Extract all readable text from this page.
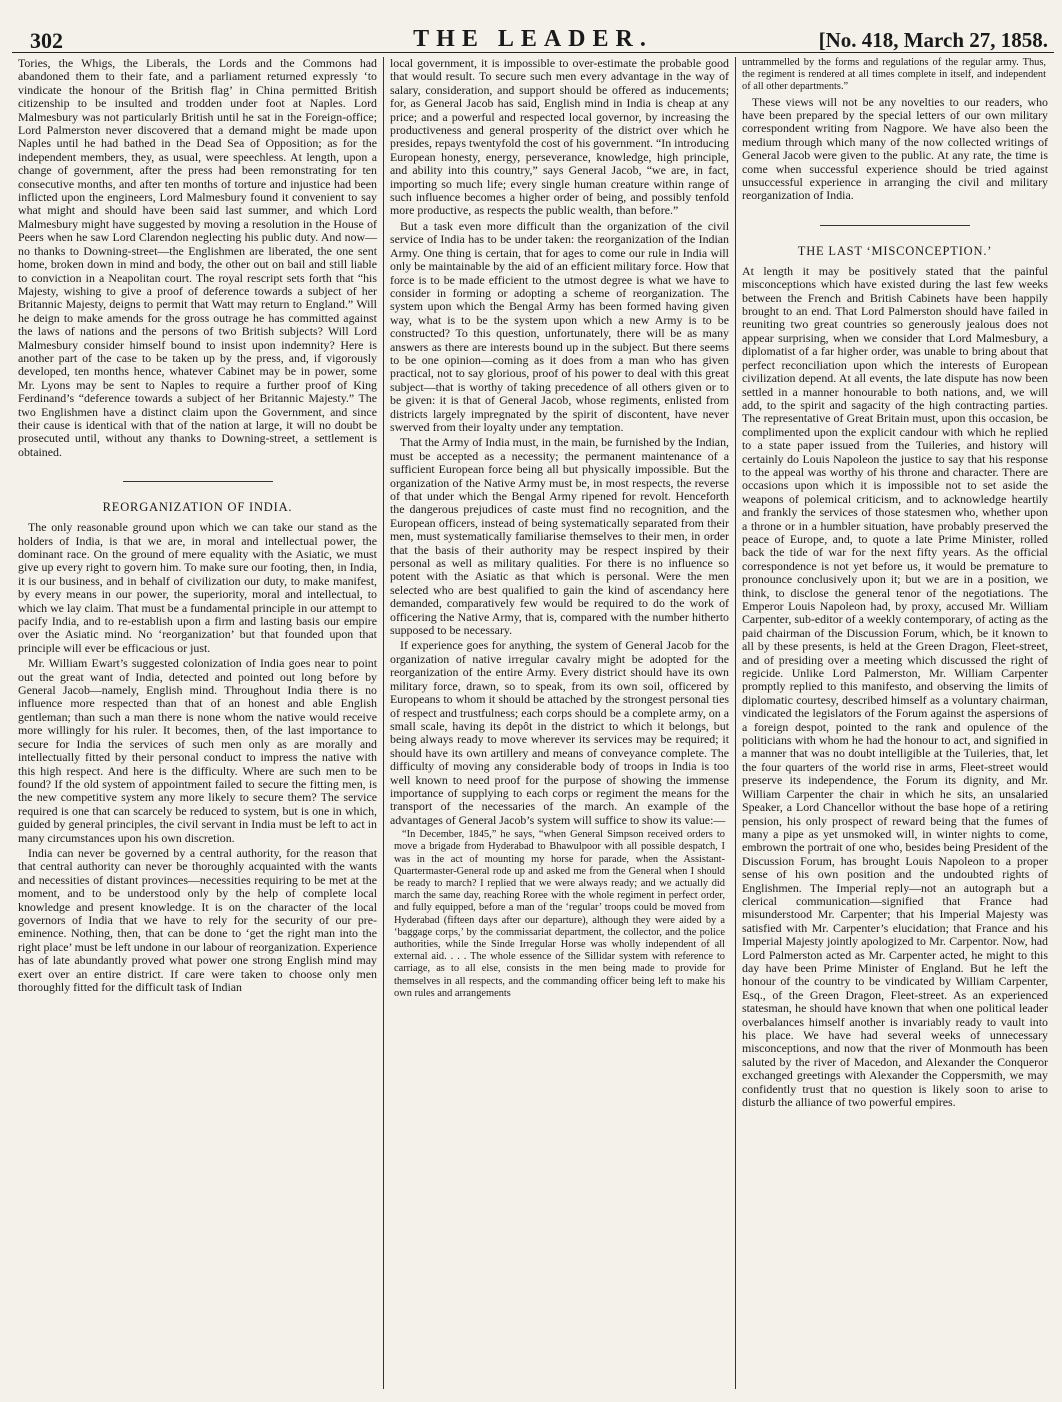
302	THE LEADER.	[No. 418, March 27, 1858.

Tories, the Whigs, the Liberals, the Lords and the Commons had abandoned them to their fate, and a parliament returned expressly ‘to vindicate the honour of the British flag’ in China permitted British citizenship to be insulted and trodden under foot at Naples. Lord Malmesbury was not particularly British until he sat in the Foreign-office; Lord Palmerston never discovered that a demand might be made upon Naples until he had bathed in the Dead Sea of Opposition; as for the independent members, they, as usual, were speechless. At length, upon a change of government, after the press had been remonstrating for ten consecutive months, and after ten months of torture and injustice had been inflicted upon the engineers, Lord Malmesbury found it convenient to say what might and should have been said last summer, and which Lord Malmesbury might have suggested by moving a resolution in the House of Peers when he saw Lord Clarendon neglecting his public duty. And now—no thanks to Downing-street—the Englishmen are liberated, the one sent home, broken down in mind and body, the other out on bail and still liable to conviction in a Neapolitan court. The royal rescript sets forth that “his Majesty, wishing to give a proof of deference towards a subject of her Britannic Majesty, deigns to permit that Watt may return to England.” Will he deign to make amends for the gross outrage he has committed against the laws of nations and the persons of two British subjects? Will Lord Malmesbury consider himself bound to insist upon indemnity? Here is another part of the case to be taken up by the press, and, if vigorously developed, ten months hence, whatever Cabinet may be in power, some Mr. Lyons may be sent to Naples to require a further proof of King Ferdinand’s “deference towards a subject of her Britannic Majesty.” The two Englishmen have a distinct claim upon the Government, and since their cause is identical with that of the nation at large, it will no doubt be prosecuted until, without any thanks to Downing-street, a settlement is obtained.

REORGANIZATION OF INDIA.

The only reasonable ground upon which we can take our stand as the holders of India, is that we are, in moral and intellectual power, the dominant race. On the ground of mere equality with the Asiatic, we must give up every right to govern him. To make sure our footing, then, in India, it is our business, and in behalf of civilization our duty, to make manifest, by every means in our power, the superiority, moral and intellectual, to which we lay claim. That must be a fundamental principle in our attempt to pacify India, and to re-establish upon a firm and lasting basis our empire over the Asiatic mind. No ‘reorganization’ but that founded upon that principle will ever be efficacious or just.

Mr. William Ewart’s suggested colonization of India goes near to point out the great want of India, detected and pointed out long before by General Jacob—namely, English mind. Throughout India there is no influence more respected than that of an honest and able English gentleman; than such a man there is none whom the native would receive more willingly for his ruler. It becomes, then, of the last importance to secure for India the services of such men only as are morally and intellectually fitted by their personal conduct to impress the native with this high respect. And here is the difficulty. Where are such men to be found? If the old system of appointment failed to secure the fitting men, is the new competitive system any more likely to secure them? The service required is one that can scarcely be reduced to system, but is one in which, guided by general principles, the civil servant in India must be left to act in many circumstances upon his own discretion.

India can never be governed by a central authority, for the reason that that central authority can never be thoroughly acquainted with the wants and necessities of distant provinces—necessities requiring to be met at the moment, and to be understood only by the help of complete local knowledge and present knowledge. It is on the character of the local governors of India that we have to rely for the security of our pre-eminence. Nothing, then, that can be done to ‘get the right man into the right place’ must be left undone in our labour of reorganization. Experience has of late abundantly proved what power one strong English mind may exert over an entire district. If care were taken to choose only men thoroughly fitted for the difficult task of Indian

local government, it is impossible to over-estimate the probable good that would result. To secure such men every advantage in the way of salary, consideration, and support should be offered as inducements; for, as General Jacob has said, English mind in India is cheap at any price; and a powerful and respected local governor, by increasing the productiveness and general prosperity of the district over which he presides, repays twentyfold the cost of his government. “In introducing European honesty, energy, perseverance, knowledge, high principle, and ability into this country,” says General Jacob, “we are, in fact, importing so much life; every single human creature within range of such influence becomes a higher order of being, and possibly tenfold more productive, as respects the public wealth, than before.”

But a task even more difficult than the organization of the civil service of India has to be under taken: the reorganization of the Indian Army. One thing is certain, that for ages to come our rule in India will only be maintainable by the aid of an efficient military force. How that force is to be made efficient to the utmost degree is what we have to consider in forming or adopting a scheme of reorganization. The system upon which the Bengal Army has been formed having given way, what is to be the system upon which a new Army is to be constructed? To this question, unfortunately, there will be as many answers as there are interests bound up in the subject. But there seems to be one opinion—coming as it does from a man who has given practical, not to say glorious, proof of his power to deal with this great subject—that is worthy of taking precedence of all others given or to be given: it is that of General Jacob, whose regiments, enlisted from districts largely impregnated by the spirit of discontent, have never swerved from their loyalty under any temptation.

That the Army of India must, in the main, be furnished by the Indian, must be accepted as a necessity; the permanent maintenance of a sufficient European force being all but physically impossible. But the organization of the Native Army must be, in most respects, the reverse of that under which the Bengal Army ripened for revolt. Henceforth the dangerous prejudices of caste must find no recognition, and the European officers, instead of being systematically separated from their men, must systematically familiarise themselves to their men, in order that the basis of their authority may be respect inspired by their personal as well as military qualities. For there is no influence so potent with the Asiatic as that which is personal. Were the men selected who are best qualified to gain the kind of ascendancy here demanded, comparatively few would be required to do the work of officering the Native Army, that is, compared with the number hitherto supposed to be necessary.

If experience goes for anything, the system of General Jacob for the organization of native irregular cavalry might be adopted for the reorganization of the entire Army. Every district should have its own military force, drawn, so to speak, from its own soil, officered by Europeans to whom it should be attached by the strongest personal ties of respect and trustfulness; each corps should be a complete army, on a small scale, having its depôt in the district to which it belongs, but being always ready to move wherever its services may be required; it should have its own artillery and means of conveyance complete. The difficulty of moving any considerable body of troops in India is too well known to need proof for the purpose of showing the immense importance of supplying to each corps or regiment the means for the transport of the necessaries of the march. An example of the advantages of General Jacob’s system will suffice to show its value:—

“In December, 1845,” he says, “when General Simpson received orders to move a brigade from Hyderabad to Bhawulpoor with all possible despatch, I was in the act of mounting my horse for parade, when the Assistant-Quartermaster-General rode up and asked me from the General when I should be ready to march? I replied that we were always ready; and we actually did march the same day, reaching Roree with the whole regiment in perfect order, and fully equipped, before a man of the ‘regular’ troops could be moved from Hyderabad (fifteen days after our departure), although they were aided by a ‘baggage corps,’ by the commissariat department, the collector, and the police authorities, while the Sinde Irregular Horse was wholly independent of all external aid. . . . The whole essence of the Sillidar system with reference to carriage, as to all else, consists in the men being made to provide for themselves in all respects, and the commanding officer being left to make his own rules and arrangements

untrammelled by the forms and regulations of the regular army. Thus, the regiment is rendered at all times complete in itself, and independent of all other departments.”

These views will not be any novelties to our readers, who have been prepared by the special letters of our own military correspondent writing from Nagpore. We have also been the medium through which many of the now collected writings of General Jacob were given to the public. At any rate, the time is come when successful experience should be tried against unsuccessful experience in arranging the civil and military reorganization of India.

THE LAST ‘MISCONCEPTION.’

At length it may be positively stated that the painful misconceptions which have existed during the last few weeks between the French and British Cabinets have been happily brought to an end. That Lord Palmerston should have failed in reuniting two great countries so generously jealous does not appear surprising, when we consider that Lord Malmesbury, a diplomatist of a far higher order, was unable to bring about that perfect reconciliation upon which the interests of European civilization depend. At all events, the late dispute has now been settled in a manner honourable to both nations, and, we will add, to the spirit and sagacity of the high contracting parties. The representative of Great Britain must, upon this occasion, be complimented upon the explicit candour with which he replied to a state paper issued from the Tuileries, and history will certainly do Louis Napoleon the justice to say that his response to the appeal was worthy of his throne and character. There are occasions upon which it is impossible not to set aside the weapons of polemical criticism, and to acknowledge heartily and frankly the services of those statesmen who, whether upon a throne or in a humbler situation, have probably preserved the peace of Europe, and, to quote a late Prime Minister, rolled back the tide of war for the next fifty years. As the official correspondence is not yet before us, it would be premature to pronounce conclusively upon it; but we are in a position, we think, to disclose the general tenor of the negotiations. The Emperor Louis Napoleon had, by proxy, accused Mr. William Carpenter, sub-editor of a weekly contemporary, of acting as the paid chairman of the Discussion Forum, which, be it known to all by these presents, is held at the Green Dragon, Fleet-street, and of presiding over a meeting which discussed the right of regicide. Unlike Lord Palmerston, Mr. William Carpenter promptly replied to this manifesto, and observing the limits of diplomatic courtesy, described himself as a voluntary chairman, vindicated the legislators of the Forum against the aspersions of a foreign despot, pointed to the rank and opulence of the politicians with whom he had the honour to act, and signified in a manner that was no doubt intelligible at the Tuileries, that, let the four quarters of the world rise in arms, Fleet-street would preserve its independence, the Forum its dignity, and Mr. William Carpenter the chair in which he sits, an unsalaried Speaker, a Lord Chancellor without the base hope of a retiring pension, his only prospect of reward being that the fumes of many a pipe as yet unsmoked will, in winter nights to come, embrown the portrait of one who, besides being President of the Discussion Forum, has brought Louis Napoleon to a proper sense of his own position and the undoubted rights of Englishmen. The Imperial reply—not an autograph but a clerical communication—signified that France had misunderstood Mr. Carpenter; that his Imperial Majesty was satisfied with Mr. Carpenter’s elucidation; that France and his Imperial Majesty jointly apologized to Mr. Carpentor. Now, had Lord Palmerston acted as Mr. Carpenter acted, he might to this day have been Prime Minister of England. But he left the honour of the country to be vindicated by William Carpenter, Esq., of the Green Dragon, Fleet-street. As an experienced statesman, he should have known that when one political leader overbalances himself another is invariably ready to vault into his place. We have had several weeks of unnecessary misconceptions, and now that the river of Monmouth has been saluted by the river of Macedon, and Alexander the Conqueror exchanged greetings with Alexander the Coppersmith, we may confidently trust that no question is likely soon to arise to disturb the alliance of two powerful empires.
